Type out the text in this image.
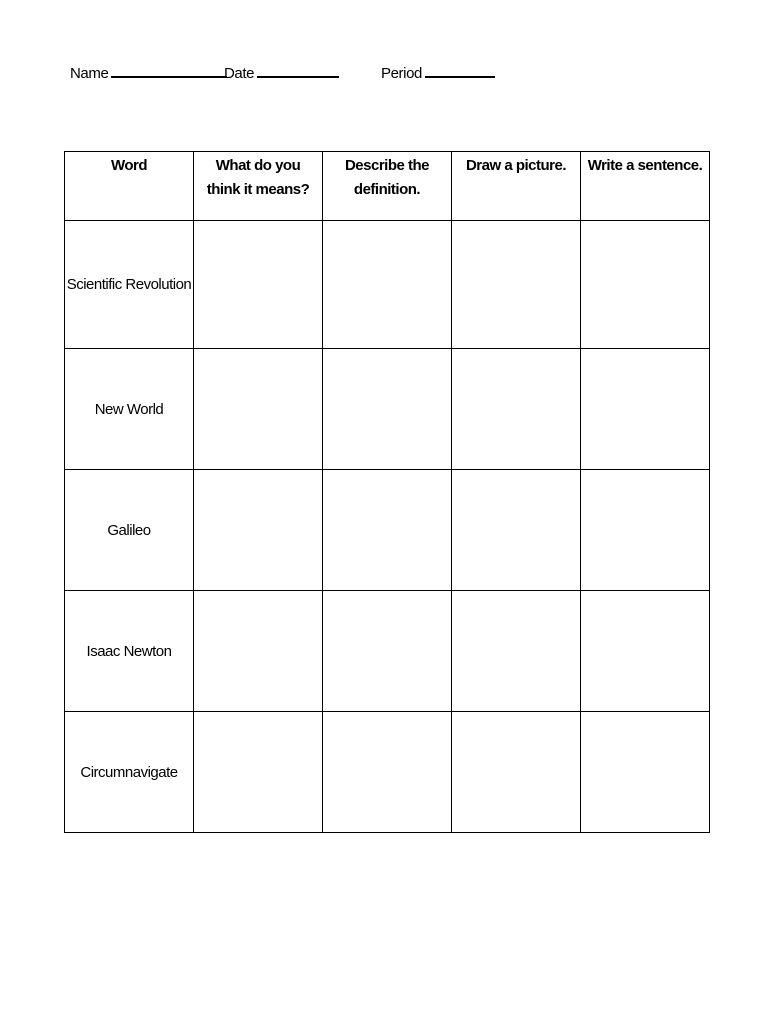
Name	Date	Period
Word	What do you think it means?	Describe the definition.	Draw a picture.	Write a sentence.

Scientific Revolution				
New World				
Galileo				
Isaac Newton				
Circumnavigate				
